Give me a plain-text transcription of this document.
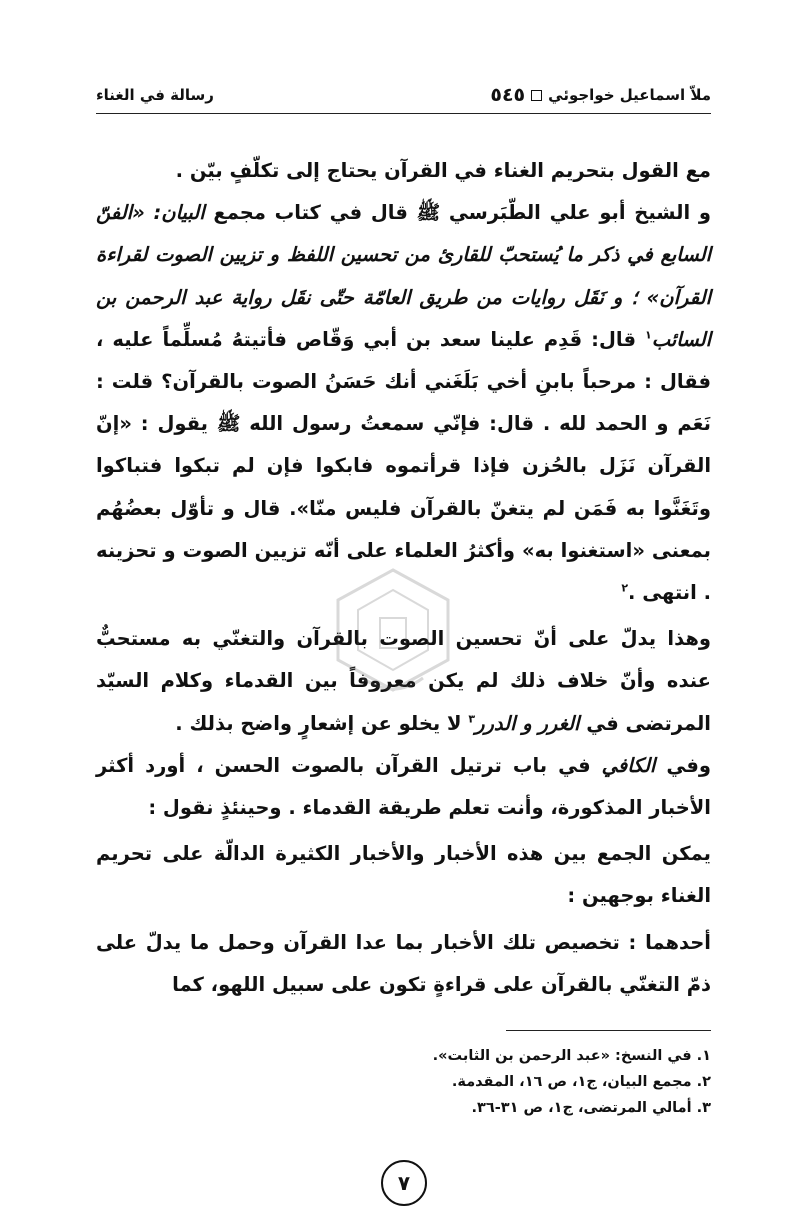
رسالة في الغناء	ملاّ اسماعيل خواجوئي
٥٤٥

مع القول بتحريم الغناء في القرآن يحتاج إلى تكلّفٍ بيّن .

و الشيخ أبو علي الطّبَرسي ﷺ قال في كتاب مجمع البيان: «الفنّ السابع في ذكر ما يُستحبّ للقارئ من تحسين اللفظ و تزيين الصوت لقراءة القرآن» ؛ و نَقَل روايات من طريق العامّة حتّى نقَل رواية عبد الرحمن بن السائب$^١$ قال: قَدِم علينا سعد بن أبي وَقّاص فأتيتهُ مُسلِّماً عليه ، فقال : مرحباً بابنِ أخي بَلَغَني أنك حَسَنُ الصوت بالقرآن؟ قلت : نَعَم و الحمد لله . قال: فإنّي سمعتُ رسول الله ﷺ يقول : «إنّ القرآن نَزَل بالحُزن فإذا قرأتموه فابكوا فإن لم تبكوا فتباكوا وتَغَنَّوا به فَمَن لم يتغنّ بالقرآن فليس منّا». قال و تأوّل بعضُهُم بمعنى «استغنوا به» وأكثرُ العلماء على أنّه تزيين الصوت و تحزينه . انتهى .$^٢$

وهذا يدلّ على أنّ تحسين الصوت بالقرآن والتغنّي به مستحبٌّ عنده وأنّ خلاف ذلك لم يكن معروفاً بين القدماء وكلام السيّد المرتضى في الغرر و الدرر$^٣$ لا يخلو عن إشعارٍ واضح بذلك .

وفي الكافي في باب ترتيل القرآن بالصوت الحسن ، أورد أكثر الأخبار المذكورة، وأنت تعلم طريقة القدماء . وحينئذٍ نقول :

يمكن الجمع بين هذه الأخبار والأخبار الكثيرة الدالّة على تحريم الغناء بوجهين :

أحدهما : تخصيص تلك الأخبار بما عدا القرآن وحمل ما يدلّ على ذمّ التغنّي بالقرآن على قراءةٍ تكون على سبيل اللهو، كما

١. في النسخ: «عبد الرحمن بن الثابت».
٢. مجمع البيان، ج١، ص ١٦، المقدمة.
٣. أمالي المرتضى، ج١، ص ٣١-٣٦.
٧
